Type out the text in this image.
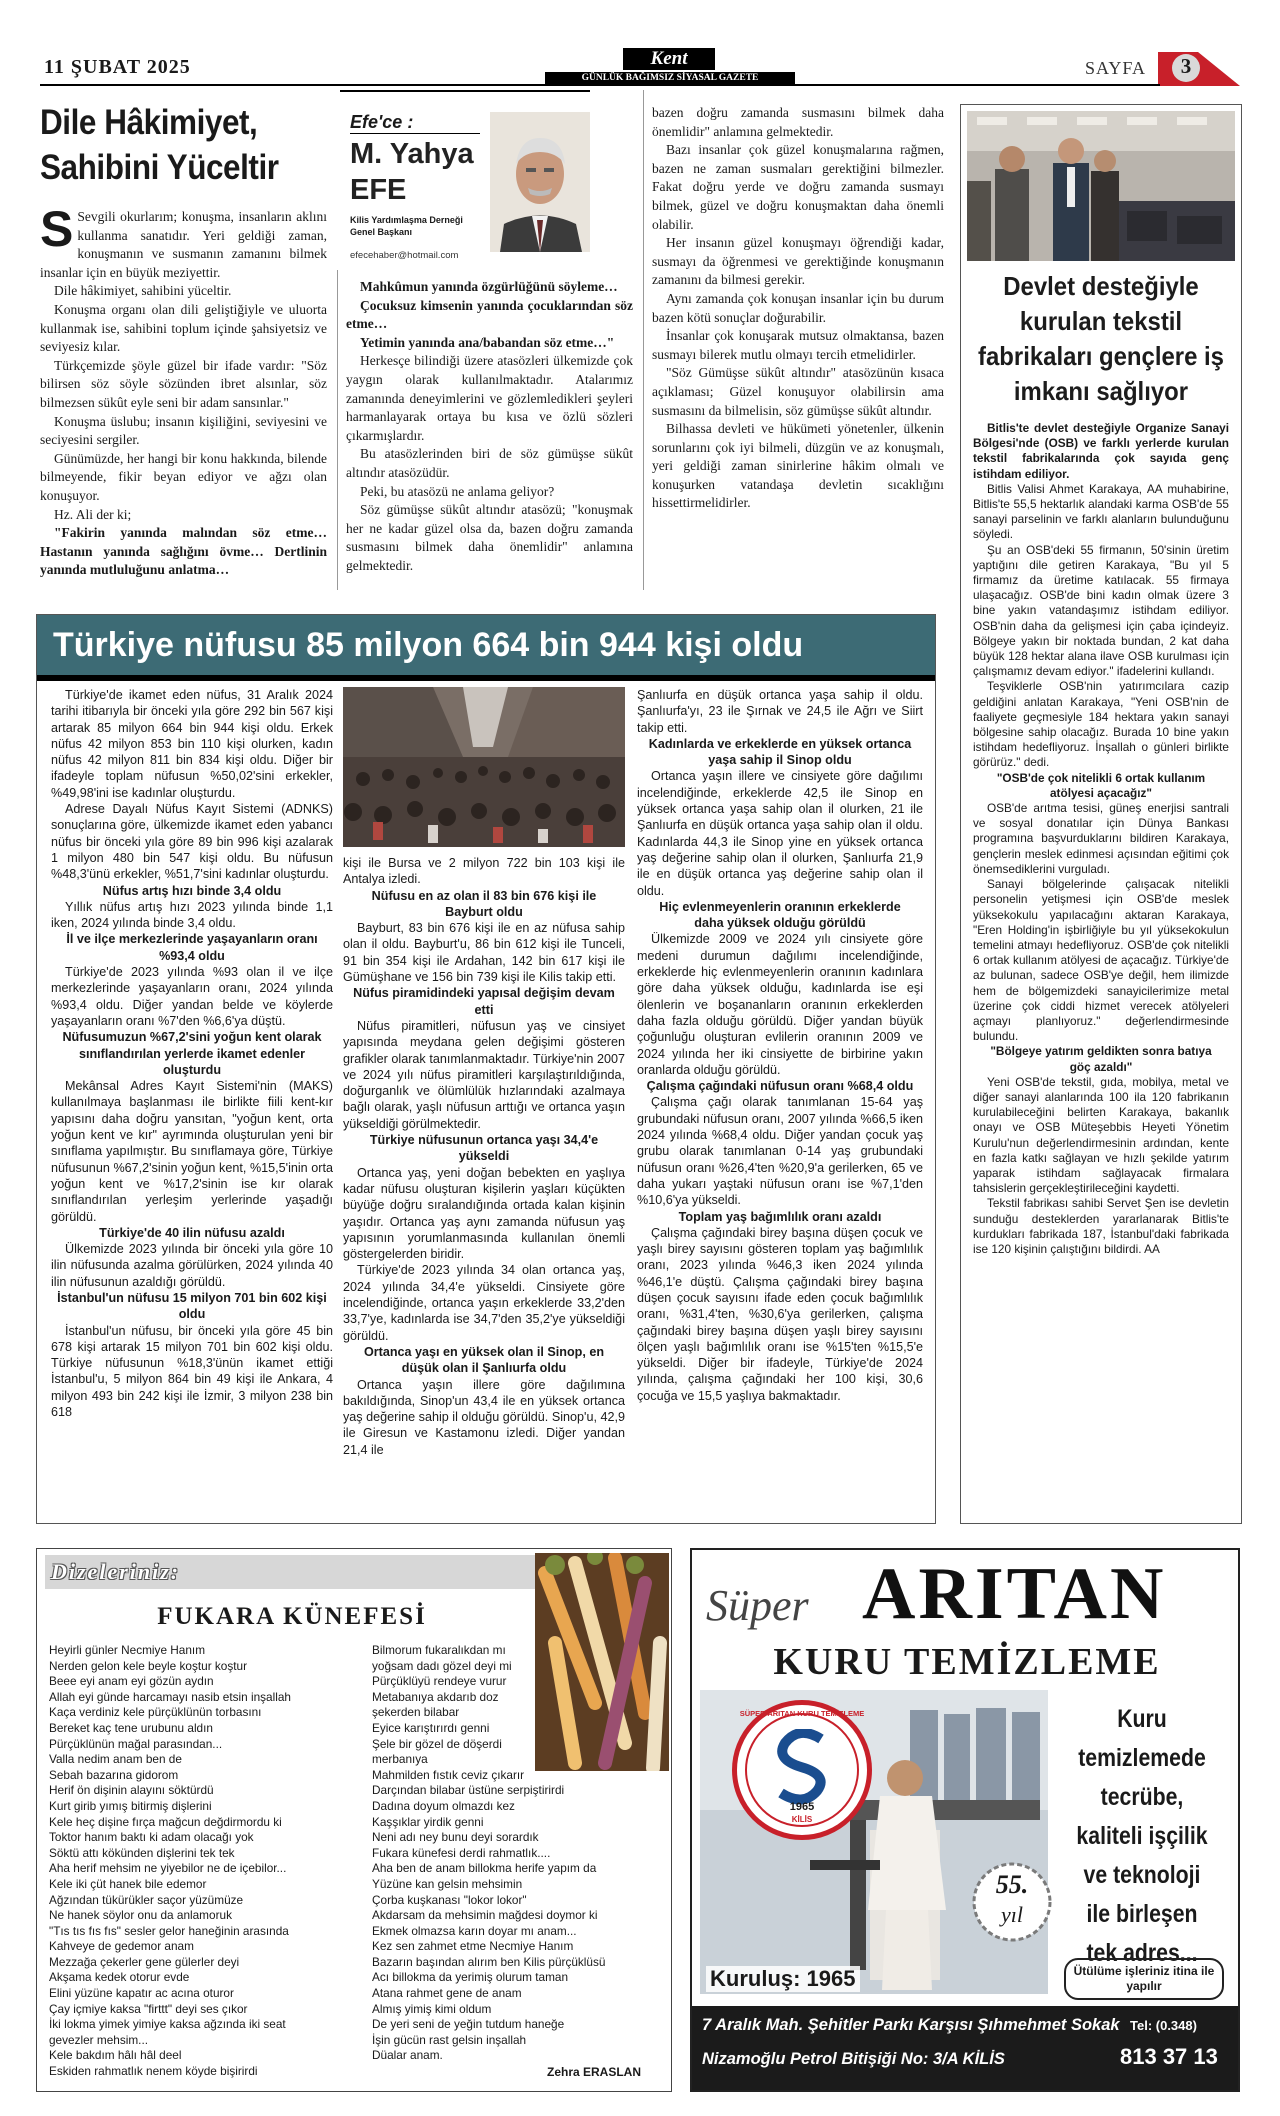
11 ŞUBAT 2025	Kent
GÜNLÜK BAĞIMSIZ SİYASAL GAZETE	SAYFA	3
Dile Hâkimiyet, Sahibini Yüceltir
Efe'ce :
M. Yahya
EFE
Kilis Yardımlaşma Derneği Genel Başkanı
efecehaber@hotmail.com

S Sevgili okurlarım; konuşma, insanların aklını kullanma sanatıdır. Yeri geldiği zaman, konuşmanın ve susmanın zamanını bilmek insanlar için en büyük meziyettir.

Dile hâkimiyet, sahibini yüceltir.

Konuşma organı olan dili geliştiğiyle ve uluorta kullanmak ise, sahibini toplum içinde şahsiyetsiz ve seviyesiz kılar.

Türkçemizde şöyle güzel bir ifade vardır: "Söz bilirsen söz söyle sözünden ibret alsınlar, söz bilmezsen sükût eyle seni bir adam sansınlar."

Konuşma üslubu; insanın kişiliğini, seviyesini ve seciyesini sergiler.

Günümüzde, her hangi bir konu hakkında, bilende bilmeyende, fikir beyan ediyor ve ağzı olan konuşuyor.

Hz. Ali der ki;

"Fakirin yanında malından söz etme… Hastanın yanında sağlığını övme… Dertlinin yanında mutluluğunu anlatma…

Mahkûmun yanında özgürlüğünü söyleme…

Çocuksuz kimsenin yanında çocuklarından söz etme…

Yetimin yanında ana/babandan söz etme…"

Herkesçe bilindiği üzere atasözleri ülkemizde çok yaygın olarak kullanılmaktadır. Atalarımız zamanında deneyimlerini ve gözlemledikleri şeyleri harmanlayarak ortaya bu kısa ve özlü sözleri çıkarmışlardır.

Bu atasözlerinden biri de söz gümüşse sükût altındır atasözüdür.

Peki, bu atasözü ne anlama geliyor?

Söz gümüşse sükût altındır atasözü; "konuşmak her ne kadar güzel olsa da, bazen doğru zamanda susmasını bilmek daha önemlidir" anlamına gelmektedir.

bazen doğru zamanda susmasını bilmek daha önemlidir" anlamına gelmektedir.

Bazı insanlar çok güzel konuşmalarına rağmen, bazen ne zaman susmaları gerektiğini bilmezler. Fakat doğru yerde ve doğru zamanda susmayı bilmek, güzel ve doğru konuşmaktan daha önemli olabilir.

Her insanın güzel konuşmayı öğrendiği kadar, susmayı da öğrenmesi ve gerektiğinde konuşmanın zamanını da bilmesi gerekir.

Aynı zamanda çok konuşan insanlar için bu durum bazen kötü sonuçlar doğurabilir.

İnsanlar çok konuşarak mutsuz olmaktansa, bazen susmayı bilerek mutlu olmayı tercih etmelidirler.

"Söz Gümüşse sükût altındır" atasözünün kısaca açıklaması; Güzel konuşuyor olabilirsin ama susmasını da bilmelisin, söz gümüşse sükût altındır.

Bilhassa devleti ve hükümeti yönetenler, ülkenin sorunlarını çok iyi bilmeli, düzgün ve az konuşmalı, yeri geldiği zaman sinirlerine hâkim olmalı ve konuşurken vatandaşa devletin sıcaklığını hissettirmelidirler.

Türkiye nüfusu 85 milyon 664 bin 944 kişi oldu

Türkiye'de ikamet eden nüfus, 31 Aralık 2024 tarihi itibarıyla bir önceki yıla göre 292 bin 567 kişi artarak 85 milyon 664 bin 944 kişi oldu. Erkek nüfus 42 milyon 853 bin 110 kişi olurken, kadın nüfus 42 milyon 811 bin 834 kişi oldu. Diğer bir ifadeyle toplam nüfusun %50,02'sini erkekler, %49,98'ini ise kadınlar oluşturdu.

Adrese Dayalı Nüfus Kayıt Sistemi (ADNKS) sonuçlarına göre, ülkemizde ikamet eden yabancı nüfus bir önceki yıla göre 89 bin 996 kişi azalarak 1 milyon 480 bin 547 kişi oldu. Bu nüfusun %48,3'ünü erkekler, %51,7'sini kadınlar oluşturdu.

Nüfus artış hızı binde 3,4 oldu

Yıllık nüfus artış hızı 2023 yılında binde 1,1 iken, 2024 yılında binde 3,4 oldu.

İl ve ilçe merkezlerinde yaşayanların oranı %93,4 oldu

Türkiye'de 2023 yılında %93 olan il ve ilçe merkezlerinde yaşayanların oranı, 2024 yılında %93,4 oldu. Diğer yandan belde ve köylerde yaşayanların oranı %7'den %6,6'ya düştü.

Nüfusumuzun %67,2'sini yoğun kent olarak sınıflandırılan yerlerde ikamet edenler oluşturdu

Mekânsal Adres Kayıt Sistemi'nin (MAKS) kullanılmaya başlanması ile birlikte fiili kent-kır yapısını daha doğru yansıtan, "yoğun kent, orta yoğun kent ve kır" ayrımında oluşturulan yeni bir sınıflama yapılmıştır. Bu sınıflamaya göre, Türkiye nüfusunun %67,2'sinin yoğun kent, %15,5'inin orta yoğun kent ve %17,2'sinin ise kır olarak sınıflandırılan yerleşim yerlerinde yaşadığı görüldü.

Türkiye'de 40 ilin nüfusu azaldı

Ülkemizde 2023 yılında bir önceki yıla göre 10 ilin nüfusunda azalma görülürken, 2024 yılında 40 ilin nüfusunun azaldığı görüldü.

İstanbul'un nüfusu 15 milyon 701 bin 602 kişi oldu

İstanbul'un nüfusu, bir önceki yıla göre 45 bin 678 kişi artarak 15 milyon 701 bin 602 kişi oldu. Türkiye nüfusunun %18,3'ünün ikamet ettiği İstanbul'u, 5 milyon 864 bin 49 kişi ile Ankara, 4 milyon 493 bin 242 kişi ile İzmir, 3 milyon 238 bin 618

kişi ile Bursa ve 2 milyon 722 bin 103 kişi ile Antalya izledi.

Nüfusu en az olan il 83 bin 676 kişi ile Bayburt oldu

Bayburt, 83 bin 676 kişi ile en az nüfusa sahip olan il oldu. Bayburt'u, 86 bin 612 kişi ile Tunceli, 91 bin 354 kişi ile Ardahan, 142 bin 617 kişi ile Gümüşhane ve 156 bin 739 kişi ile Kilis takip etti.

Nüfus piramidindeki yapısal değişim devam etti

Nüfus piramitleri, nüfusun yaş ve cinsiyet yapısında meydana gelen değişimi gösteren grafikler olarak tanımlanmaktadır. Türkiye'nin 2007 ve 2024 yılı nüfus piramitleri karşılaştırıldığında, doğurganlık ve ölümlülük hızlarındaki azalmaya bağlı olarak, yaşlı nüfusun arttığı ve ortanca yaşın yükseldiği görülmektedir.

Türkiye nüfusunun ortanca yaşı 34,4'e yükseldi

Ortanca yaş, yeni doğan bebekten en yaşlıya kadar nüfusu oluşturan kişilerin yaşları küçükten büyüğe doğru sıralandığında ortada kalan kişinin yaşıdır. Ortanca yaş aynı zamanda nüfusun yaş yapısının yorumlanmasında kullanılan önemli göstergelerden biridir.

Türkiye'de 2023 yılında 34 olan ortanca yaş, 2024 yılında 34,4'e yükseldi. Cinsiyete göre incelendiğinde, ortanca yaşın erkeklerde 33,2'den 33,7'ye, kadınlarda ise 34,7'den 35,2'ye yükseldiği görüldü.

Ortanca yaşı en yüksek olan il Sinop, en düşük olan il Şanlıurfa oldu

Ortanca yaşın illere göre dağılımına bakıldığında, Sinop'un 43,4 ile en yüksek ortanca yaş değerine sahip il olduğu görüldü. Sinop'u, 42,9 ile Giresun ve Kastamonu izledi. Diğer yandan 21,4 ile

Şanlıurfa en düşük ortanca yaşa sahip il oldu. Şanlıurfa'yı, 23 ile Şırnak ve 24,5 ile Ağrı ve Siirt takip etti.

Kadınlarda ve erkeklerde en yüksek ortanca yaşa sahip il Sinop oldu

Ortanca yaşın illere ve cinsiyete göre dağılımı incelendiğinde, erkeklerde 42,5 ile Sinop en yüksek ortanca yaşa sahip olan il olurken, 21 ile Şanlıurfa en düşük ortanca yaşa sahip olan il oldu. Kadınlarda 44,3 ile Sinop yine en yüksek ortanca yaş değerine sahip olan il olurken, Şanlıurfa 21,9 ile en düşük ortanca yaş değerine sahip olan il oldu.

Hiç evlenmeyenlerin oranının erkeklerde daha yüksek olduğu görüldü

Ülkemizde 2009 ve 2024 yılı cinsiyete göre medeni durumun dağılımı incelendiğinde, erkeklerde hiç evlenmeyenlerin oranının kadınlara göre daha yüksek olduğu, kadınlarda ise eşi ölenlerin ve boşananların oranının erkeklerden daha fazla olduğu görüldü. Diğer yandan büyük çoğunluğu oluşturan evlilerin oranının 2009 ve 2024 yılında her iki cinsiyette de birbirine yakın oranlarda olduğu görüldü.

Çalışma çağındaki nüfusun oranı %68,4 oldu

Çalışma çağı olarak tanımlanan 15-64 yaş grubundaki nüfusun oranı, 2007 yılında %66,5 iken 2024 yılında %68,4 oldu. Diğer yandan çocuk yaş grubu olarak tanımlanan 0-14 yaş grubundaki nüfusun oranı %26,4'ten %20,9'a gerilerken, 65 ve daha yukarı yaştaki nüfusun oranı ise %7,1'den %10,6'ya yükseldi.

Toplam yaş bağımlılık oranı azaldı

Çalışma çağındaki birey başına düşen çocuk ve yaşlı birey sayısını gösteren toplam yaş bağımlılık oranı, 2023 yılında %46,3 iken 2024 yılında %46,1'e düştü. Çalışma çağındaki birey başına düşen çocuk sayısını ifade eden çocuk bağımlılık oranı, %31,4'ten, %30,6'ya gerilerken, çalışma çağındaki birey başına düşen yaşlı birey sayısını ölçen yaşlı bağımlılık oranı ise %15'ten %15,5'e yükseldi. Diğer bir ifadeyle, Türkiye'de 2024 yılında, çalışma çağındaki her 100 kişi, 30,6 çocuğa ve 15,5 yaşlıya bakmaktadır.

Devlet desteğiyle kurulan tekstil fabrikaları gençlere iş imkanı sağlıyor

Bitlis'te devlet desteğiyle Organize Sanayi Bölgesi'nde (OSB) ve farklı yerlerde kurulan tekstil fabrikalarında çok sayıda genç istihdam ediliyor.

Bitlis Valisi Ahmet Karakaya, AA muhabirine, Bitlis'te 55,5 hektarlık alandaki karma OSB'de 55 sanayi parselinin ve farklı alanların bulunduğunu söyledi.

Şu an OSB'deki 55 firmanın, 50'sinin üretim yaptığını dile getiren Karakaya, "Bu yıl 5 firmamız da üretime katılacak. 55 firmaya ulaşacağız. OSB'de bini kadın olmak üzere 3 bine yakın vatandaşımız istihdam ediliyor. OSB'nin daha da gelişmesi için çaba içindeyiz. Bölgeye yakın bir noktada bundan, 2 kat daha büyük 128 hektar alana ilave OSB kurulması için çalışmamız devam ediyor." ifadelerini kullandı.

Teşviklerle OSB'nin yatırımcılara cazip geldiğini anlatan Karakaya, "Yeni OSB'nin de faaliyete geçmesiyle 184 hektara yakın sanayi bölgesine sahip olacağız. Burada 10 bine yakın istihdam hedefliyoruz. İnşallah o günleri birlikte görürüz." dedi.

"OSB'de çok nitelikli 6 ortak kullanım atölyesi açacağız"

OSB'de arıtma tesisi, güneş enerjisi santrali ve sosyal donatılar için Dünya Bankası programına başvurduklarını bildiren Karakaya, gençlerin meslek edinmesi açısından eğitimi çok önemsediklerini vurguladı.

Sanayi bölgelerinde çalışacak nitelikli personelin yetişmesi için OSB'de meslek yüksekokulu yapılacağını aktaran Karakaya, "Eren Holding'in işbirliğiyle bu yıl yüksekokulun temelini atmayı hedefliyoruz. OSB'de çok nitelikli 6 ortak kullanım atölyesi de açacağız. Türkiye'de az bulunan, sadece OSB'ye değil, hem ilimizde hem de bölgemizdeki sanayicilerimize metal üzerine çok ciddi hizmet verecek atölyeleri açmayı planlıyoruz." değerlendirmesinde bulundu.

"Bölgeye yatırım geldikten sonra batıya göç azaldı"

Yeni OSB'de tekstil, gıda, mobilya, metal ve diğer sanayi alanlarında 100 ila 120 fabrikanın kurulabileceğini belirten Karakaya, bakanlık onayı ve OSB Müteşebbis Heyeti Yönetim Kurulu'nun değerlendirmesinin ardından, kente en fazla katkı sağlayan ve hızlı şekilde yatırım yaparak istihdam sağlayacak firmalara tahsislerin gerçekleştirileceğini kaydetti.

Tekstil fabrikası sahibi Servet Şen ise devletin sunduğu desteklerden yararlanarak Bitlis'te kurdukları fabrikada 187, İstanbul'daki fabrikada ise 120 kişinin çalıştığını bildirdi. AA

Dizeleriniz:
FUKARA KÜNEFESİ
Heyirli günler Necmiye Hanım
Nerden gelon kele beyle koştur koştur
Beee eyi anam eyi gözün aydın
Allah eyi günde harcamayı nasib etsin inşallah
Kaça verdiniz kele pürçüklünün torbasını
Bereket kaç tene urubunu aldın
Pürçüklünün mağal parasından...
Valla nedim anam ben de
Sebah bazarına gidorom
Herif ön dişinin alayını söktürdü
Kurt girib yımış bitirmiş dişlerini
Kele heç dişine fırça mağcun değdirmordu ki
Toktor hanım baktı ki adam olacağı yok
Söktü attı kökünden dişlerini tek tek
Aha herif mehsim ne yiyebilor ne de içebilor...
Kele iki çüt hanek bile edemor
Ağzından tükürükler saçor yüzümüze
Ne hanek söylor onu da anlamoruk
"Tıs tıs fıs fıs" sesler gelor haneğinin arasında
Kahveye de gedemor anam
Mezzağa çekerler gene gülerler deyi
Akşama kedek otorur evde
Elini yüzüne kapatır ac acına oturor
Çay içmiye kaksa "firttt" deyi ses çıkor
İki lokma yimek yimiye kaksa ağzında iki seat
gevezler mehsim...
Kele bakdım hâlı hâl deel
Eskiden rahmatlık nenem köyde bişirirdi
Bilmorum fukaralıkdan mı
yoğsam dadı gözel deyi mi
Pürçüklüyü rendeye vurur
Metabanıya akdarıb doz
şekerden bilabar
Eyice karıştırırdı genni
Şele bir gözel de döşerdi
merbanıya
Mahmilden fıstık ceviz çıkarır
Darçından bilabar üstüne serpiştirirdi
Dadına doyum olmazdı kez
Kaşşıklar yirdik genni
Neni adı ney bunu deyi sorardık
Fukara künefesi derdi rahmatlık....
Aha ben de anam billokma herife yapım da
Yüzüne kan gelsin mehsimin
Çorba kuşkanası "lokor lokor"
Akdarsam da mehsimin mağdesi doymor ki
Ekmek olmazsa karın doyar mı anam...
Kez sen zahmet etme Necmiye Hanım
Bazarın başından alırım ben Kilis pürçüklüsü
Acı billokma da yerimiş olurum taman
Atana rahmet gene de anam
Almış yimiş kimi oldum
De yeri seni de yeğin tutdum haneğe
İşin gücün rast gelsin inşallah
Düalar anam.
Zehra ERASLAN
Süper ARITAN
KURU TEMİZLEME
SÜPER ARITAN KURU TEMİZLEME
1965
KİLİS
Kuruluş: 1965
55.
yıl
Kuru
temizlemede
tecrübe,
kaliteli işçilik
ve teknoloji
ile birleşen
tek adres...
Ütülüme işleriniz itina ile yapılır
7 Aralık Mah. Şehitler Parkı Karşısı Şıhmehmet Sokak
Nizamoğlu Petrol Bitişiği No: 3/A KİLİS
Tel: (0.348)
813 37 13
